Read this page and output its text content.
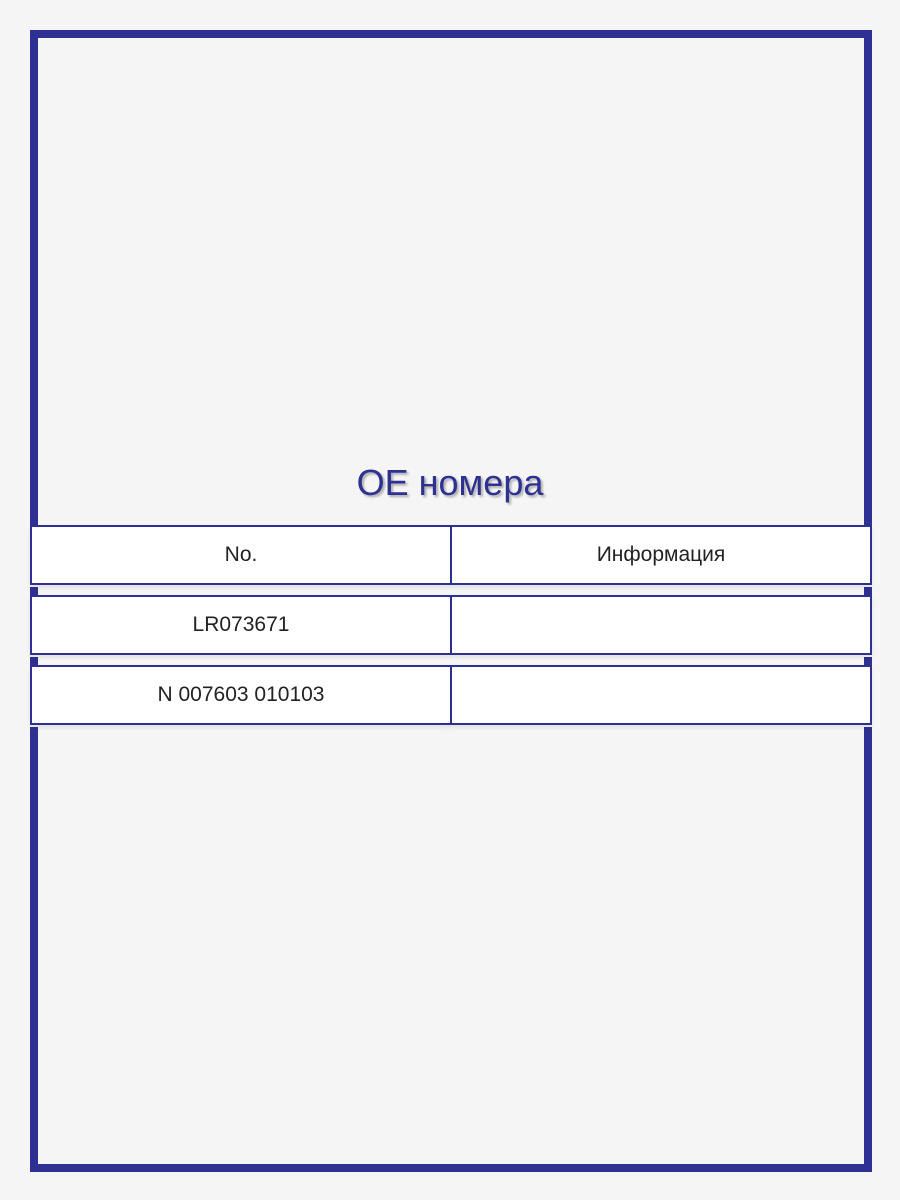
OE номера
No.	Информация
LR073671
N 007603 010103
